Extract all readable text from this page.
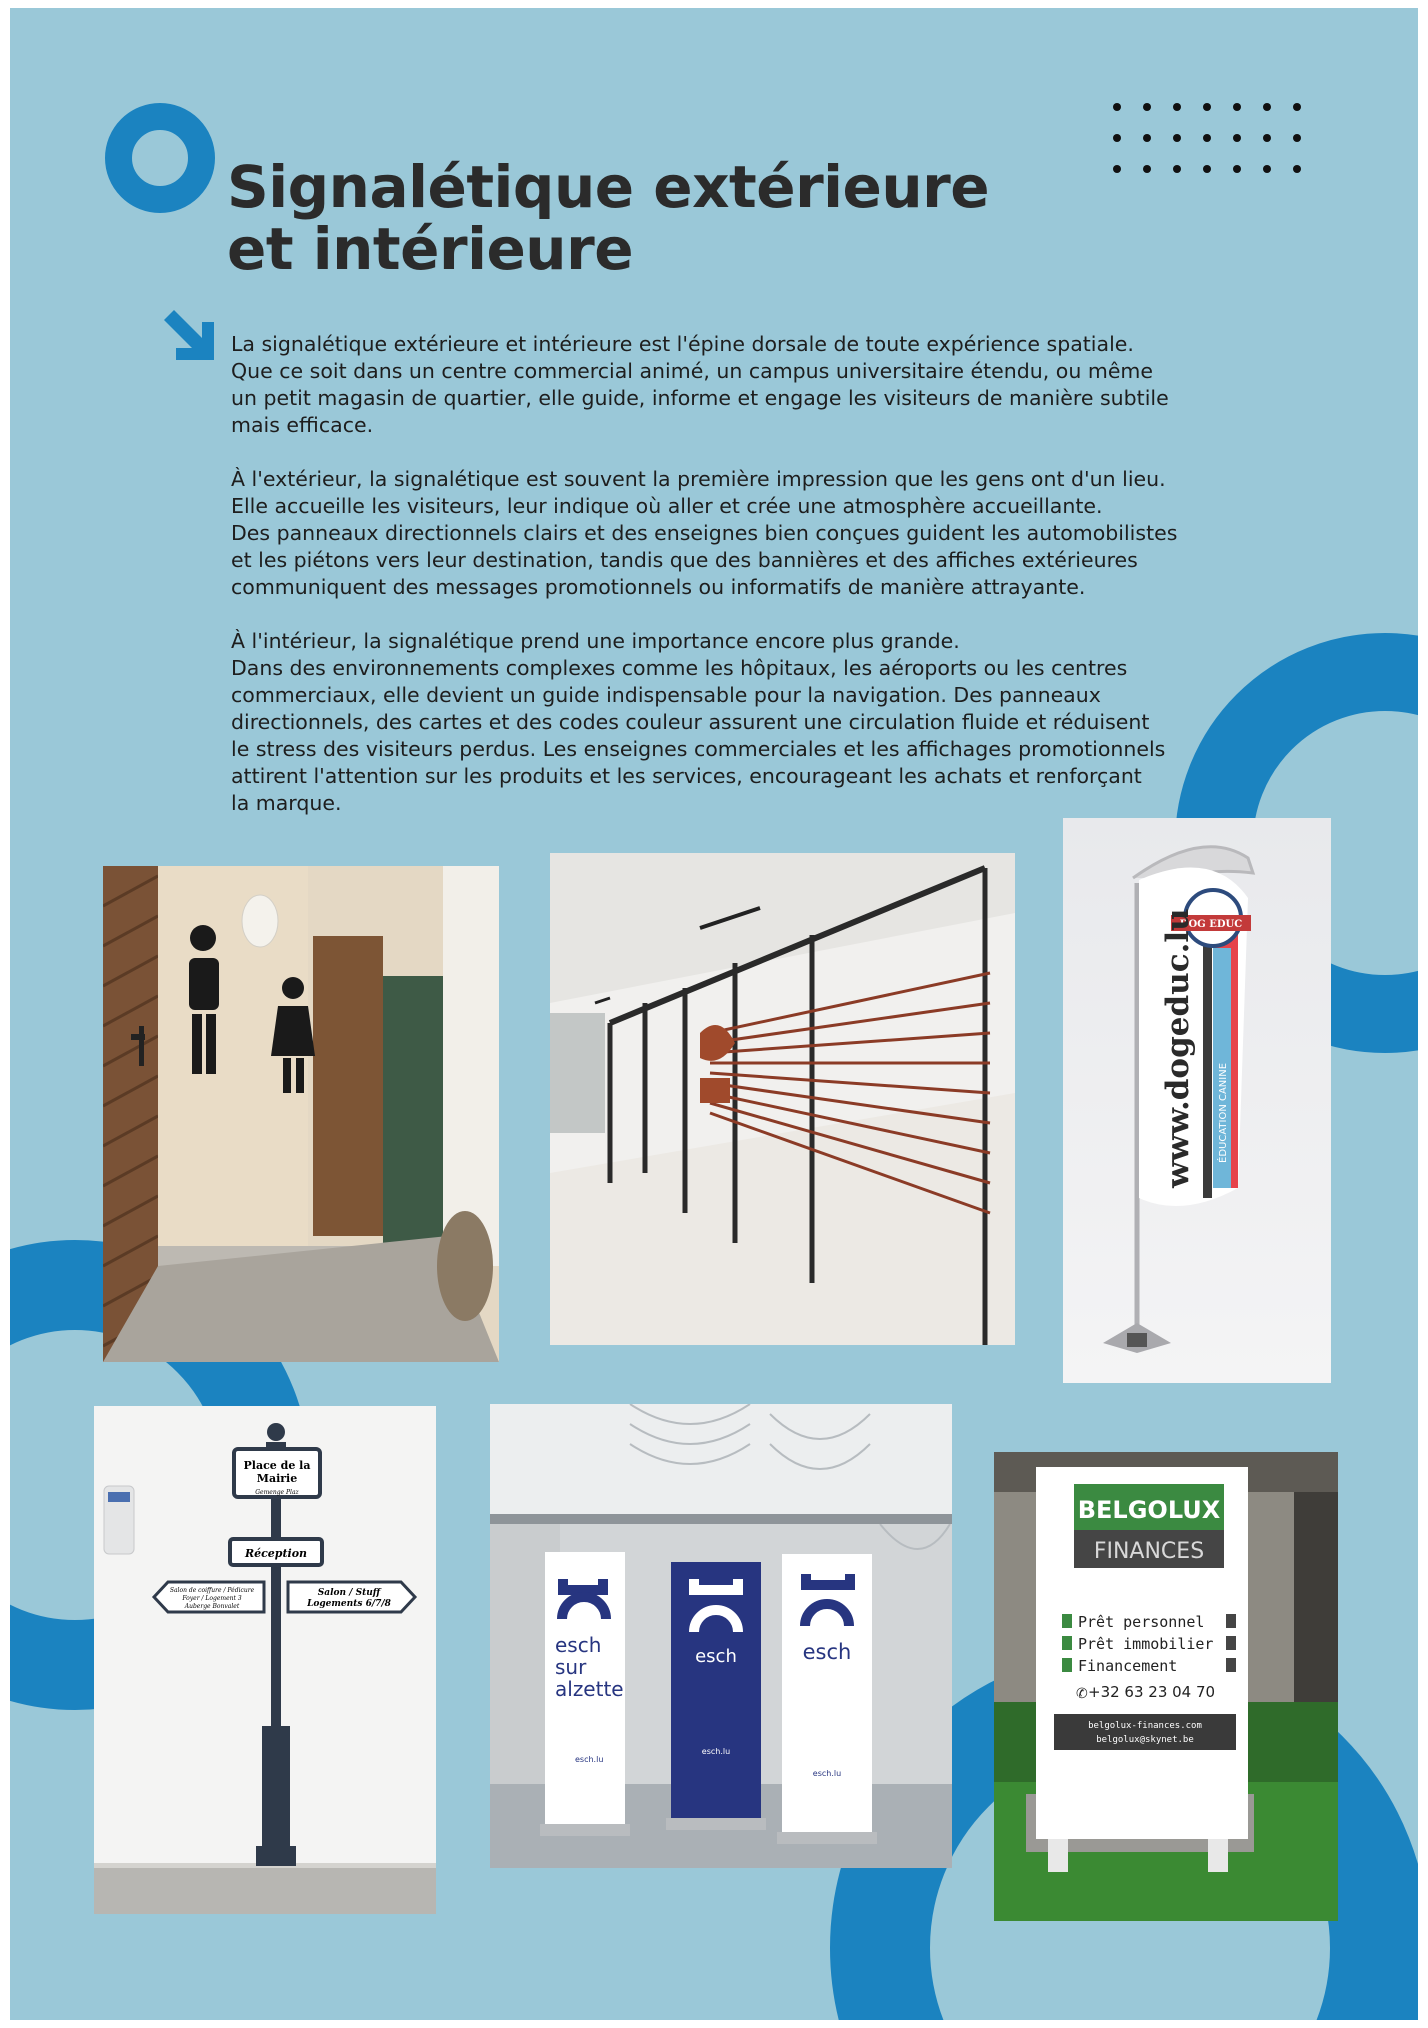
Signalétique extérieure
et intérieure

La signalétique extérieure et intérieure est l'épine dorsale de toute expérience spatiale.
Que ce soit dans un centre commercial animé, un campus universitaire étendu, ou même
un petit magasin de quartier, elle guide, informe et engage les visiteurs de manière subtile
mais efficace.

À l'extérieur, la signalétique est souvent la première impression que les gens ont d'un lieu.
Elle accueille les visiteurs, leur indique où aller et crée une atmosphère accueillante.
Des panneaux directionnels clairs et des enseignes bien conçues guident les automobilistes
et les piétons vers leur destination, tandis que des bannières et des affiches extérieures
communiquent des messages promotionnels ou informatifs de manière attrayante.

À l'intérieur, la signalétique prend une importance encore plus grande.
Dans des environnements complexes comme les hôpitaux, les aéroports ou les centres
commerciaux, elle devient un guide indispensable pour la navigation. Des panneaux
directionnels, des cartes et des codes couleur assurent une circulation fluide et réduisent
le stress des visiteurs perdus. Les enseignes commerciales et les affichages promotionnels
attirent l'attention sur les produits et les services, encourageant les achats et renforçant
la marque.

DOG EDUC
www.dogeduc.lu ÉDUCATION CANINE
Place de la
Mairie
Gemenge Plaz
Réception
Salon de coiffure / Pédicure
Foyer / Logement 3
Auberge Bonvalet
Salon / Stuff
Logements 6/7/8
esch
sur
alzette
esch.lu
esch
esch.lu
esch
esch.lu
BELGOLUX
FINANCES
Prêt personnel
Prêt immobilier
Financement
+32 63 23 04 70
✆
belgolux-finances.com
belgolux@skynet.be
